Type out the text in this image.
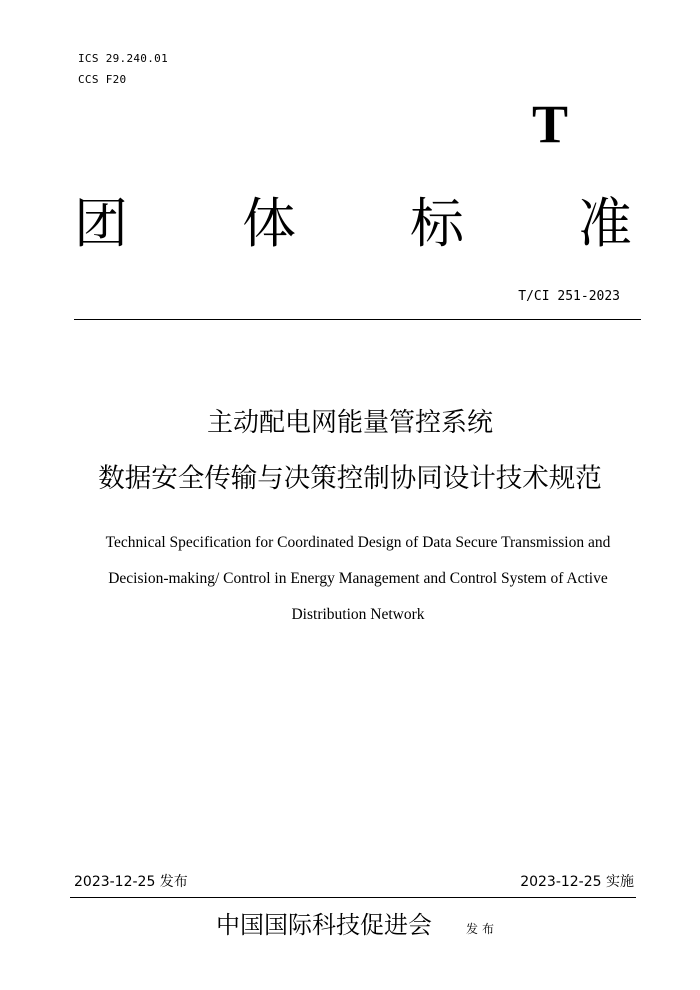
ICS 29.240.01
CCS F20
T
团 体 标 准
T/CI 251-2023
主动配电网能量管控系统
数据安全传输与决策控制协同设计技术规范
Technical Specification for Coordinated Design of Data Secure Transmission and
Decision-making/ Control in Energy Management and Control System of Active
Distribution Network
2023-12-25 发布	2023-12-25 实施
中国国际科技促进会	发布
